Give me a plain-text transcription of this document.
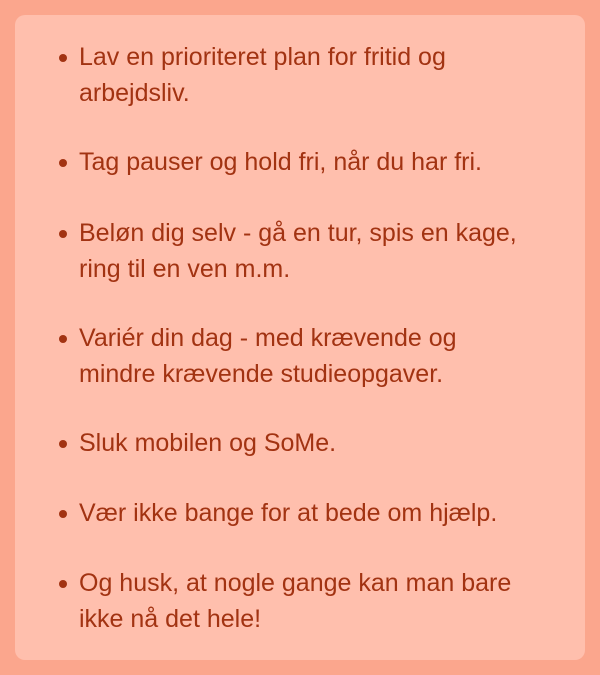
Lav en prioriteret plan for fritid og
arbejdsliv.
Tag pauser og hold fri, når du har fri.
Beløn dig selv - gå en tur, spis en kage,
ring til en ven m.m.
Variér din dag - med krævende og
mindre krævende studieopgaver.
Sluk mobilen og SoMe.
Vær ikke bange for at bede om hjælp.
Og husk, at nogle gange kan man bare
ikke nå det hele!
